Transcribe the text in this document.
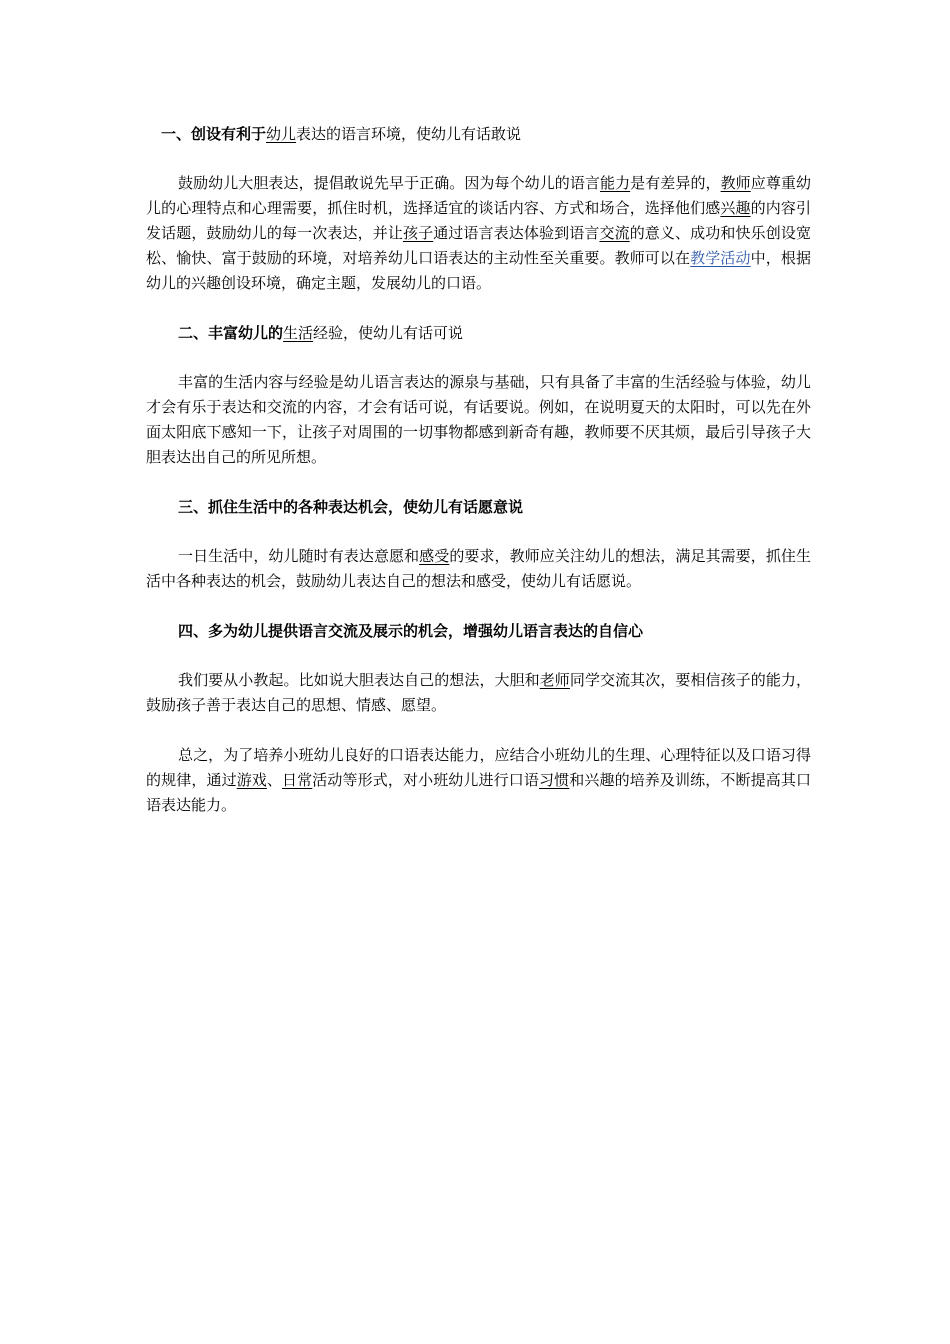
一、创设有利于幼儿表达的语言环境，使幼儿有话敢说

鼓励幼儿大胆表达，提倡敢说先早于正确。因为每个幼儿的语言能力是有差异的，教师应尊重幼儿的心理特点和心理需要，抓住时机，选择适宜的谈话内容、方式和场合，选择他们感兴趣的内容引发话题，鼓励幼儿的每一次表达，并让孩子通过语言表达体验到语言交流的意义、成功和快乐创设宽松、愉快、富于鼓励的环境，对培养幼儿口语表达的主动性至关重要。教师可以在教学活动中，根据幼儿的兴趣创设环境，确定主题，发展幼儿的口语。

二、丰富幼儿的生活经验，使幼儿有话可说

丰富的生活内容与经验是幼儿语言表达的源泉与基础，只有具备了丰富的生活经验与体验，幼儿才会有乐于表达和交流的内容，才会有话可说，有话要说。例如，在说明夏天的太阳时，可以先在外面太阳底下感知一下，让孩子对周围的一切事物都感到新奇有趣，教师要不厌其烦，最后引导孩子大胆表达出自己的所见所想。

三、抓住生活中的各种表达机会，使幼儿有话愿意说

一日生活中，幼儿随时有表达意愿和感受的要求，教师应关注幼儿的想法，满足其需要，抓住生活中各种表达的机会，鼓励幼儿表达自己的想法和感受，使幼儿有话愿说。

四、多为幼儿提供语言交流及展示的机会，增强幼儿语言表达的自信心

我们要从小教起。比如说大胆表达自己的想法，大胆和老师同学交流其次，要相信孩子的能力，鼓励孩子善于表达自己的思想、情感、愿望。

总之，为了培养小班幼儿良好的口语表达能力，应结合小班幼儿的生理、心理特征以及口语习得的规律，通过游戏、日常活动等形式，对小班幼儿进行口语习惯和兴趣的培养及训练，不断提高其口语表达能力。
